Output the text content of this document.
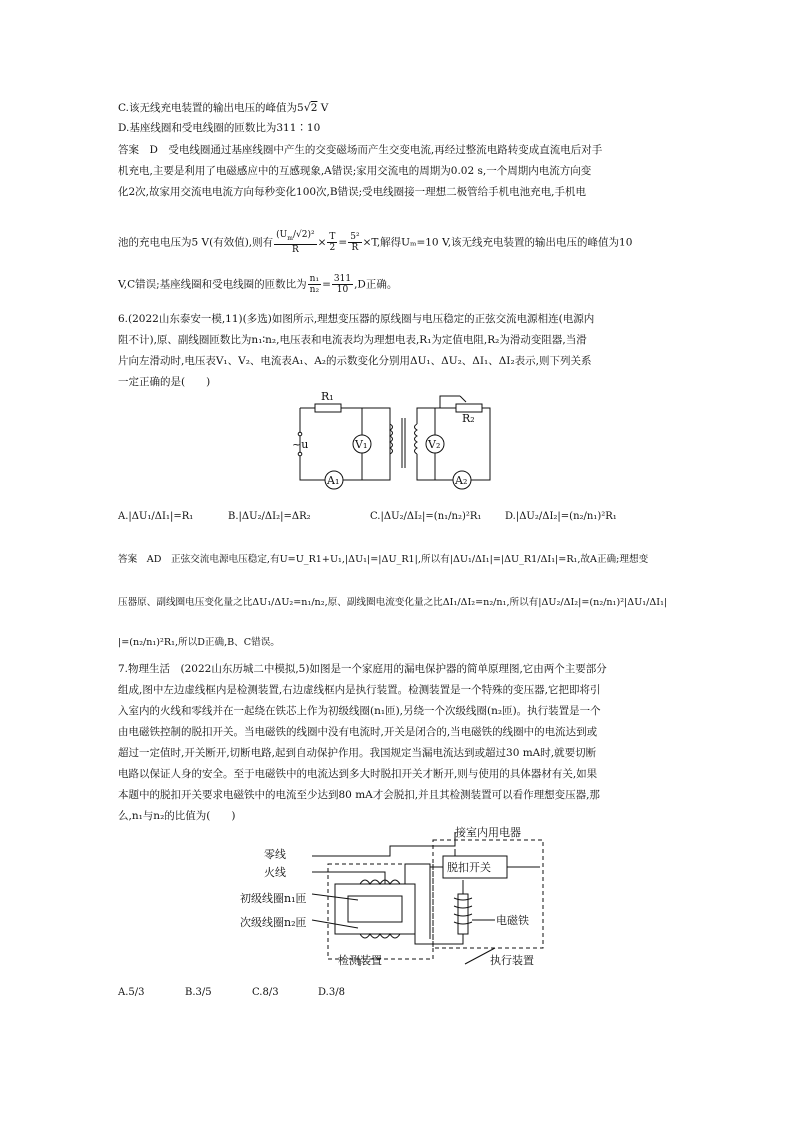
C.该无线充电装置的输出电压的峰值为5√2 V
D.基座线圈和受电线圈的匝数比为311∶10
答案　D　受电线圈通过基座线圈中产生的交变磁场而产生交变电流,再经过整流电路转变成直流电后对手
机充电,主要是利用了电磁感应中的互感现象,A错误;家用交流电的周期为0.02 s,一个周期内电流方向变
化2次,故家用交流电电流方向每秒变化100次,B错误;受电线圈接一理想二极管给手机电池充电,手机电
池的充电电压为5 V(有效值),则有 $\frac{(U_m/√2)^2}{R} \times \frac{T}{2} = \frac{\text{5²}}{R} \times T$,解得Uₘ=10 V,该无线充电装置的输出电压的峰值为10
V,C错误;基座线圈和受电线圈的匝数比为 $\frac{\text{n₁}}{\text{n₂}} = \frac{311}{10} ,D$正确。
6.(2022山东泰安一模,11)(多选)如图所示,理想变压器的原线圈与电压稳定的正弦交流电源相连(电源内
阻不计),原、副线圈匝数比为n₁∶n₂,电压表和电流表均为理想电表,R₁为定值电阻,R₂为滑动变阻器,当滑
片向左滑动时,电压表V₁、V₂、电流表A₁、A₂的示数变化分别用ΔU₁、ΔU₂、ΔI₁、ΔI₂表示,则下列关系
一定正确的是(　　)
~u
R₁
R₂
V₁	V₂
A₁	A₂
A.|ΔU₁/ΔI₁|=R₁	B.|ΔU₂/ΔI₂|=ΔR₂	C.|ΔU₂/ΔI₂|=(n₁/n₂)²R₁ D.|ΔU₂/ΔI₂|=(n₂/n₁)²R₁
答案　AD　正弦交流电源电压稳定,有U=U_R1+U₁,|ΔU₁|=|ΔU_R1|,所以有|ΔU₁/ΔI₁|=|ΔU_R1/ΔI₁|=R₁,故A正确;理想变
压器原、副线圈电压变化量之比ΔU₁/ΔU₂=n₁/n₂,原、副线圈电流变化量之比ΔI₁/ΔI₂=n₂/n₁,所以有|ΔU₂/ΔI₂|=(n₂/n₁)²|ΔU₁/ΔI₁|
|=(n₂/n₁)²R₁,所以D正确,B、C错误。
7.物理生活　(2022山东历城二中模拟,5)如图是一个家庭用的漏电保护器的简单原理图,它由两个主要部分
组成,图中左边虚线框内是检测装置,右边虚线框内是执行装置。检测装置是一个特殊的变压器,它把即将引
入室内的火线和零线并在一起绕在铁芯上作为初级线圈(n₁匝),另绕一个次级线圈(n₂匝)。执行装置是一个
由电磁铁控制的脱扣开关。当电磁铁的线圈中没有电流时,开关是闭合的,当电磁铁的线圈中的电流达到或
超过一定值时,开关断开,切断电路,起到自动保护作用。我国规定当漏电流达到或超过30 mA时,就要切断
电路以保证人身的安全。至于电磁铁中的电流达到多大时脱扣开关才断开,则与使用的具体器材有关,如果
本题中的脱扣开关要求电磁铁中的电流至少达到80 mA才会脱扣,并且其检测装置可以看作理想变压器,那
么,n₁与n₂的比值为(　　)
零线
火线
初级线圈n₁匝
次级线圈n₂匝
接室内用电器
脱扣开关
电磁铁
检测装置	执行装置
A.5/3	B.3/5	C.8/3	D.3/8
